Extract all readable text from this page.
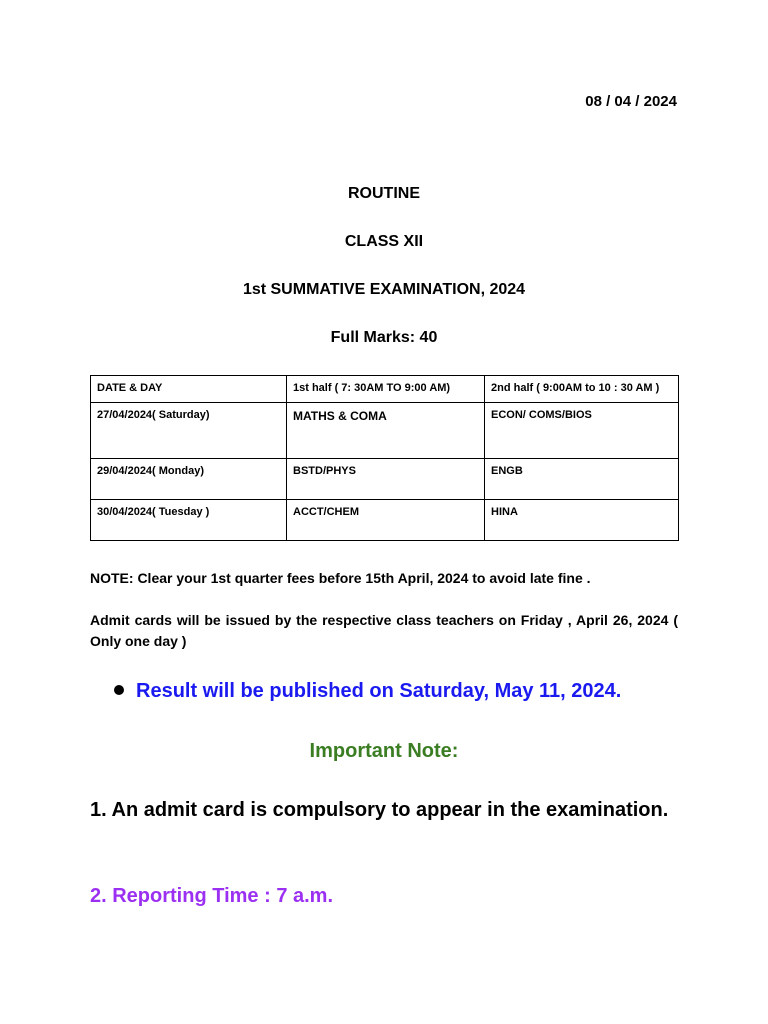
08 / 04 / 2024
ROUTINE
CLASS XII
1st SUMMATIVE EXAMINATION, 2024
Full Marks: 40
DATE & DAY	1st half ( 7: 30AM TO 9:00 AM)	2nd half ( 9:00AM to 10 : 30 AM )
27/04/2024( Saturday)	MATHS & COMA	ECON/ COMS/BIOS
29/04/2024( Monday)	BSTD/PHYS	ENGB
30/04/2024( Tuesday )	ACCT/CHEM	HINA
NOTE: Clear your 1st quarter fees before 15th April, 2024 to avoid late fine .
Admit cards will be issued by the respective class teachers on Friday , April 26, 2024 ( Only one day )
Result will be published on Saturday, May 11, 2024.
Important Note:
1. An admit card is compulsory to appear in the examination.
2. Reporting Time : 7 a.m.
